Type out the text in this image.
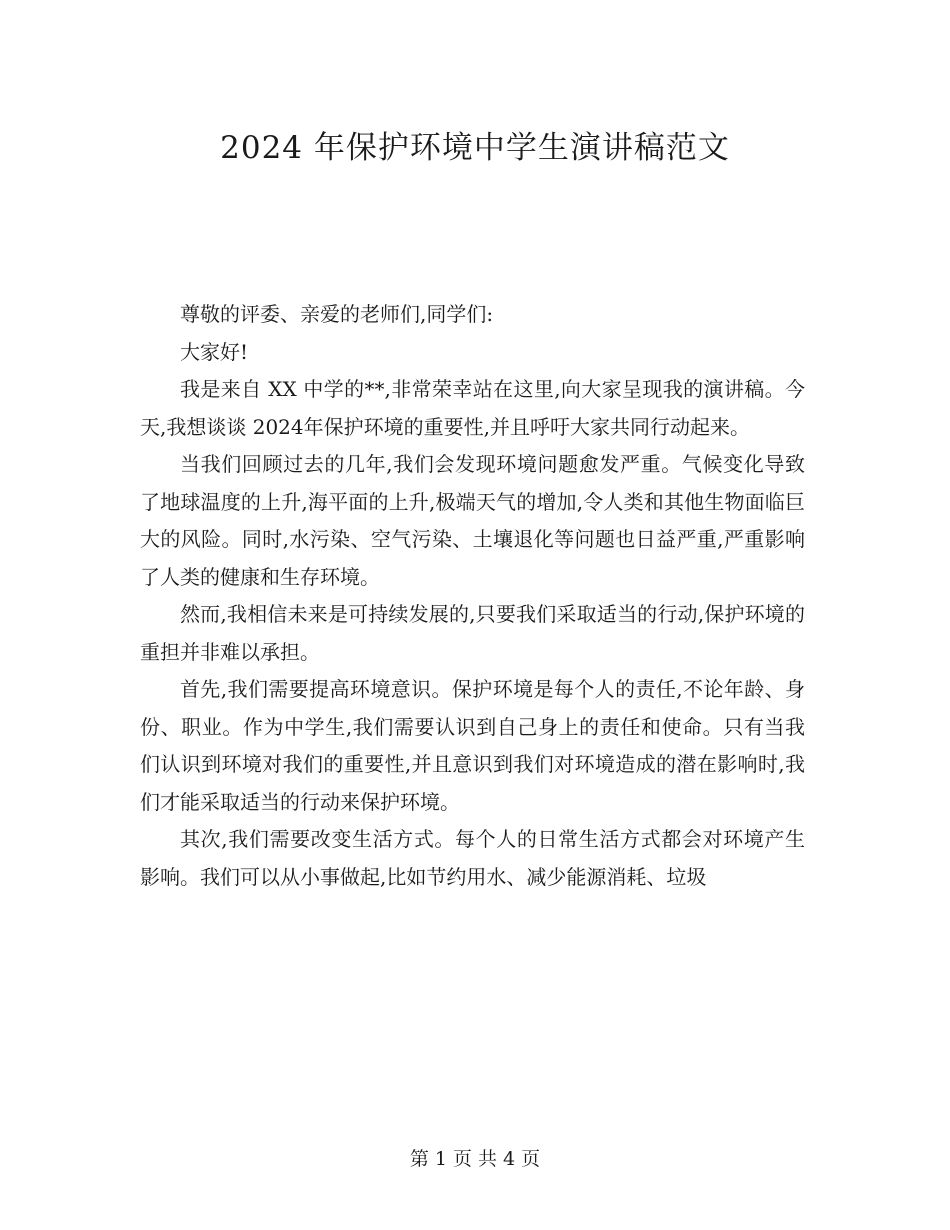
2024 年保护环境中学生演讲稿范文

尊敬的评委、亲爱的老师们,同学们:

大家好!

我是来自 XX 中学的**,非常荣幸站在这里,向大家呈现我的演讲稿。今天,我想谈谈 2024年保护环境的重要性,并且呼吁大家共同行动起来。

当我们回顾过去的几年,我们会发现环境问题愈发严重。气候变化导致了地球温度的上升,海平面的上升,极端天气的增加,令人类和其他生物面临巨大的风险。同时,水污染、空气污染、土壤退化等问题也日益严重,严重影响了人类的健康和生存环境。

然而,我相信未来是可持续发展的,只要我们采取适当的行动,保护环境的重担并非难以承担。

首先,我们需要提高环境意识。保护环境是每个人的责任,不论年龄、身份、职业。作为中学生,我们需要认识到自己身上的责任和使命。只有当我们认识到环境对我们的重要性,并且意识到我们对环境造成的潜在影响时,我们才能采取适当的行动来保护环境。

其次,我们需要改变生活方式。每个人的日常生活方式都会对环境产生影响。我们可以从小事做起,比如节约用水、减少能源消耗、垃圾

第 1 页 共 4 页
